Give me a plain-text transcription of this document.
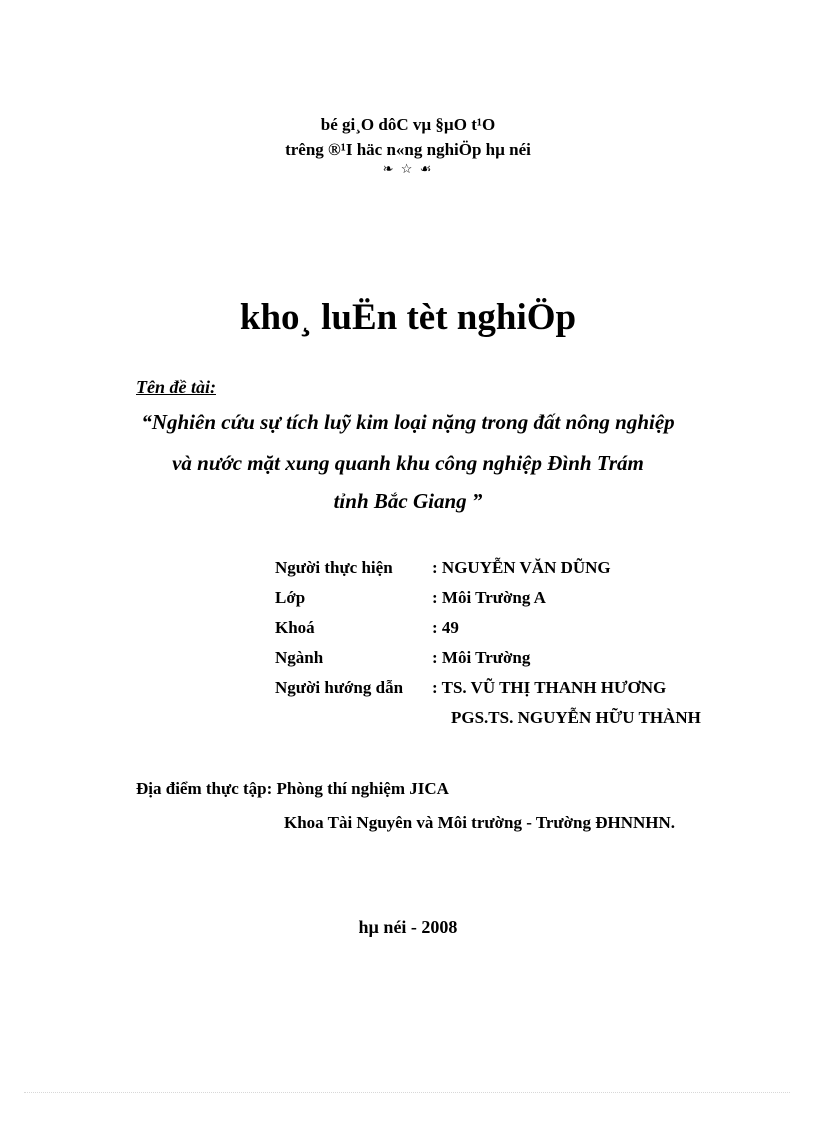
bé gi¸O dôC vµ §µO t¹O
trêng ®¹I häc n«ng nghiÖp hµ néi
❧ ☆ ☙
kho¸ luËn tèt nghiÖp
Tên đề tài:
“Nghiên cứu sự tích luỹ kim loại nặng trong đất nông nghiệp
và nước mặt xung quanh khu công nghiệp Đình Trám
tỉnh Bắc Giang ”
Người thực hiện : NGUYỄN VĂN DŨNG
Lớp	: Môi Trường A
Khoá	: 49
Ngành	: Môi Trường
Người hướng dẫn : TS. VŨ THỊ THANH HƯƠNG
PGS.TS. NGUYỄN HỮU THÀNH
Địa điểm thực tập: Phòng thí nghiệm JICA
Khoa Tài Nguyên và Môi trường - Trường ĐHNNHN.
hµ néi - 2008
